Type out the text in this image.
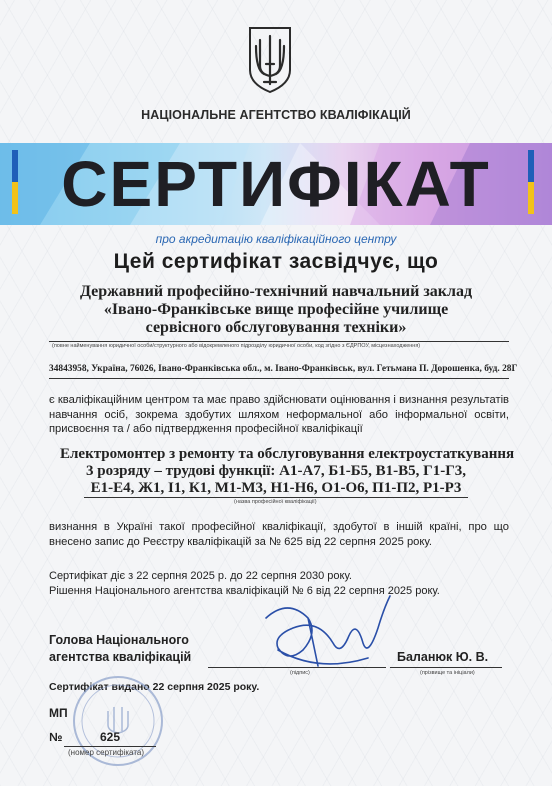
НАЦІОНАЛЬНЕ АГЕНТСТВО КВАЛІФІКАЦІЙ
СЕРТИФІКАТ
про акредитацію кваліфікаційного центру
Цей сертифікат засвідчує, що
Державний професійно-технічний навчальний заклад
«Івано-Франківське вище професійне училище
сервісного обслуговування техніки»
(повне найменування юридичної особи/структурного або відокремленого підрозділу юридичної особи, код згідно з ЄДРПОУ, місцезнаходження)
34843958, Україна, 76026, Івано-Франківська обл., м. Івано-Франківськ, вул. Гетьмана П. Дорошенка, буд. 28Г
є кваліфікаційним центром та має право здійснювати оцінювання і визнання результатів навчання осіб, зокрема здобутих шляхом неформальної або інформальної освіти, присвоєння та / або підтвердження професійної кваліфікації
Електромонтер з ремонту та обслуговування електроустаткування
3 розряду – трудові функції: А1-А7, Б1-Б5, В1-В5, Г1-Г3,
Е1-Е4, Ж1, І1, К1, М1-М3, Н1-Н6, О1-О6, П1-П2, Р1-Р3
(назва професійної кваліфікації)
визнання в Україні такої професійної кваліфікації, здобутої в іншій країні, про що внесено запис до Реєстру кваліфікацій за № 625 від 22 серпня 2025 року.
Сертифікат діє з 22 серпня 2025 р. до 22 серпня 2030 року.
Рішення Національного агентства кваліфікацій № 6 від 22 серпня 2025 року.
Голова Національного
агентства кваліфікацій
(підпис)
Баланюк Ю. В.
(прізвище та ініціали)
Сертифікат видано 22 серпня 2025 року.
МП
№	625
(номер сертифіката)
